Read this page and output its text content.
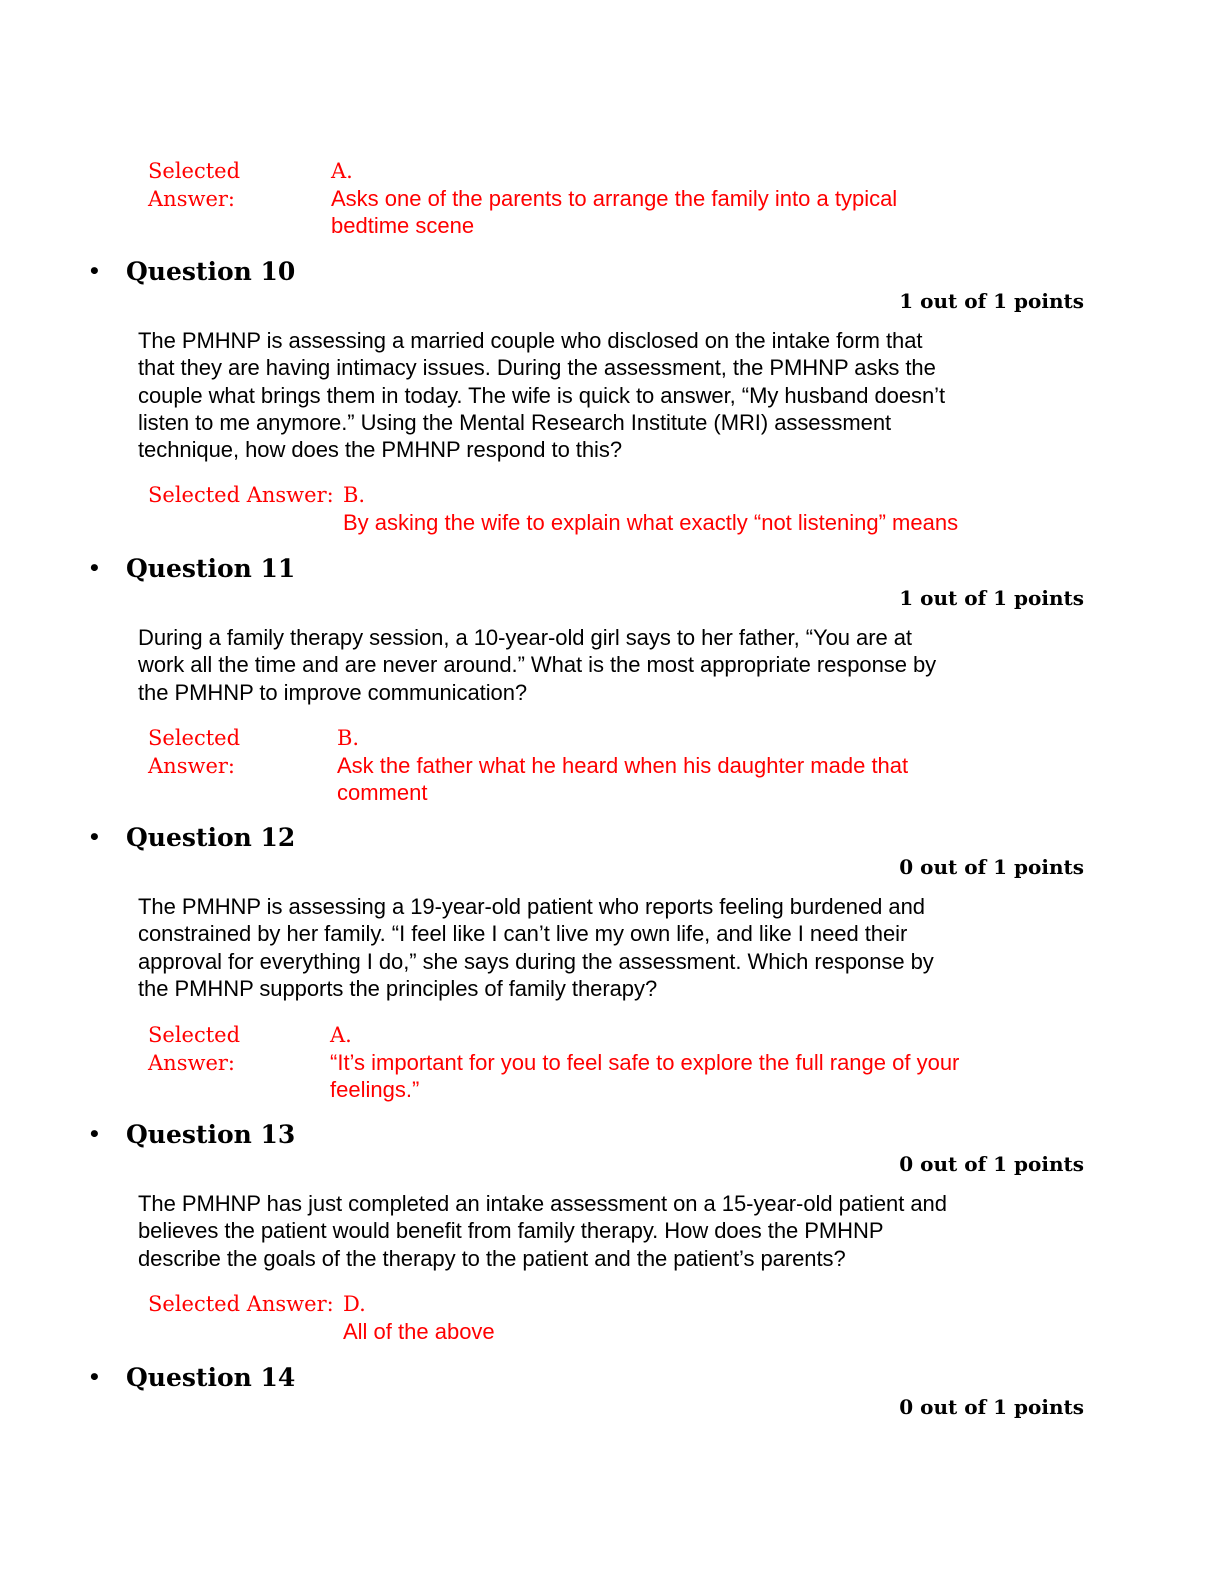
Selected
Answer:
A.
Asks one of the parents to arrange the family into a typical
bedtime scene
• Question 10
1 out of 1 points
The PMHNP is assessing a married couple who disclosed on the intake form that
that they are having intimacy issues. During the assessment, the PMHNP asks the
couple what brings them in today. The wife is quick to answer, “My husband doesn’t
listen to me anymore.” Using the Mental Research Institute (MRI) assessment
technique, how does the PMHNP respond to this?
Selected Answer: B.
By asking the wife to explain what exactly “not listening” means
• Question 11
1 out of 1 points
During a family therapy session, a 10-year-old girl says to her father, “You are at
work all the time and are never around.” What is the most appropriate response by
the PMHNP to improve communication?
Selected
Answer:
B.
Ask the father what he heard when his daughter made that
comment
• Question 12
0 out of 1 points
The PMHNP is assessing a 19-year-old patient who reports feeling burdened and
constrained by her family. “I feel like I can’t live my own life, and like I need their
approval for everything I do,” she says during the assessment. Which response by
the PMHNP supports the principles of family therapy?
Selected
Answer:
A.
“It’s important for you to feel safe to explore the full range of your
feelings.”
• Question 13
0 out of 1 points
The PMHNP has just completed an intake assessment on a 15-year-old patient and
believes the patient would benefit from family therapy. How does the PMHNP
describe the goals of the therapy to the patient and the patient’s parents?
Selected Answer: D.
All of the above
• Question 14
0 out of 1 points
